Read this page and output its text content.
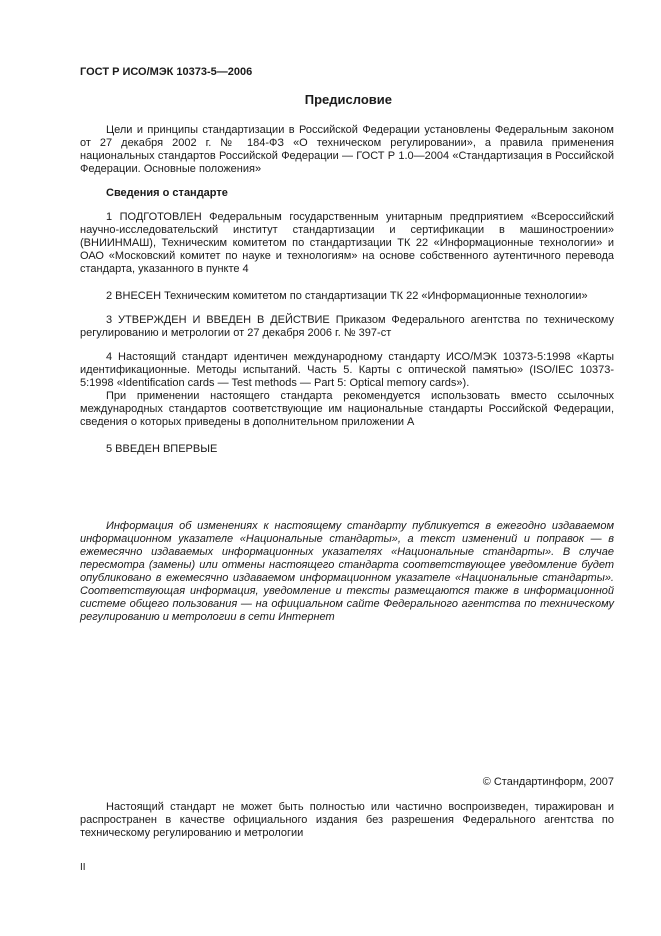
ГОСТ Р ИСО/МЭК 10373-5—2006
Предисловие

Цели и принципы стандартизации в Российской Федерации установлены Федеральным законом от 27 декабря 2002 г. № 184-ФЗ «О техническом регулировании», а правила применения национальных стандартов Российской Федерации — ГОСТ Р 1.0—2004 «Стандартизация в Российской Федерации. Основные положения»

Сведения о стандарте

1 ПОДГОТОВЛЕН Федеральным государственным унитарным предприятием «Всероссийский научно-исследовательский институт стандартизации и сертификации в машиностроении» (ВНИИНМАШ), Техническим комитетом по стандартизации ТК 22 «Информационные технологии» и ОАО «Московский комитет по науке и технологиям» на основе собственного аутентичного перевода стандарта, указанного в пункте 4

2 ВНЕСЕН Техническим комитетом по стандартизации ТК 22 «Информационные технологии»

3 УТВЕРЖДЕН И ВВЕДЕН В ДЕЙСТВИЕ Приказом Федерального агентства по техническому регулированию и метрологии от 27 декабря 2006 г. № 397-ст

4 Настоящий стандарт идентичен международному стандарту ИСО/МЭК 10373-5:1998 «Карты идентификационные. Методы испытаний. Часть 5. Карты с оптической памятью» (ISO/IEC 10373-5:1998 «Identification cards — Test methods — Part 5: Optical memory cards»).

При применении настоящего стандарта рекомендуется использовать вместо ссылочных международных стандартов соответствующие им национальные стандарты Российской Федерации, сведения о которых приведены в дополнительном приложении А

5 ВВЕДЕН ВПЕРВЫЕ

Информация об изменениях к настоящему стандарту публикуется в ежегодно издаваемом информационном указателе «Национальные стандарты», а текст изменений и поправок — в ежемесячно издаваемых информационных указателях «Национальные стандарты». В случае пересмотра (замены) или отмены настоящего стандарта соответствующее уведомление будет опубликовано в ежемесячно издаваемом информационном указателе «Национальные стандарты». Соответствующая информация, уведомление и тексты размещаются также в информационной системе общего пользования — на официальном сайте Федерального агентства по техническому регулированию и метрологии в сети Интернет

© Стандартинформ, 2007

Настоящий стандарт не может быть полностью или частично воспроизведен, тиражирован и распространен в качестве официального издания без разрешения Федерального агентства по техническому регулированию и метрологии

II
